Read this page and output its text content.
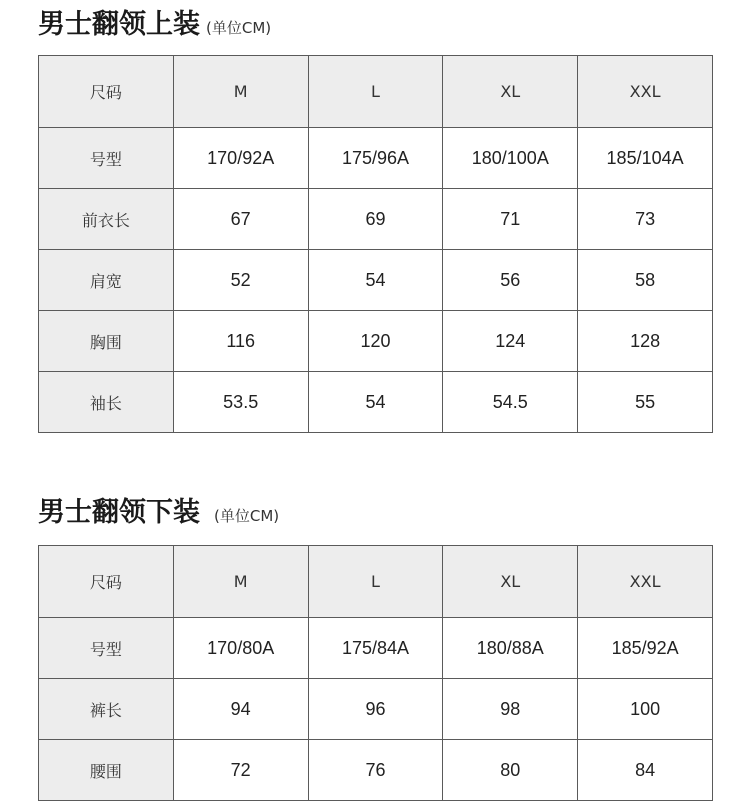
男士翻领上装 (单位CM)
尺码	M	L	XL	XXL
号型	170/92A	175/96A	180/100A	185/104A
前衣长	67	69	71	73
肩宽	52	54	56	58
胸围	116	120	124	128
袖长	53.5	54	54.5	55
男士翻领下装 (单位CM)
尺码	M	L	XL	XXL
号型	170/80A	175/84A	180/88A	185/92A
裤长	94	96	98	100
腰围	72	76	80	84
